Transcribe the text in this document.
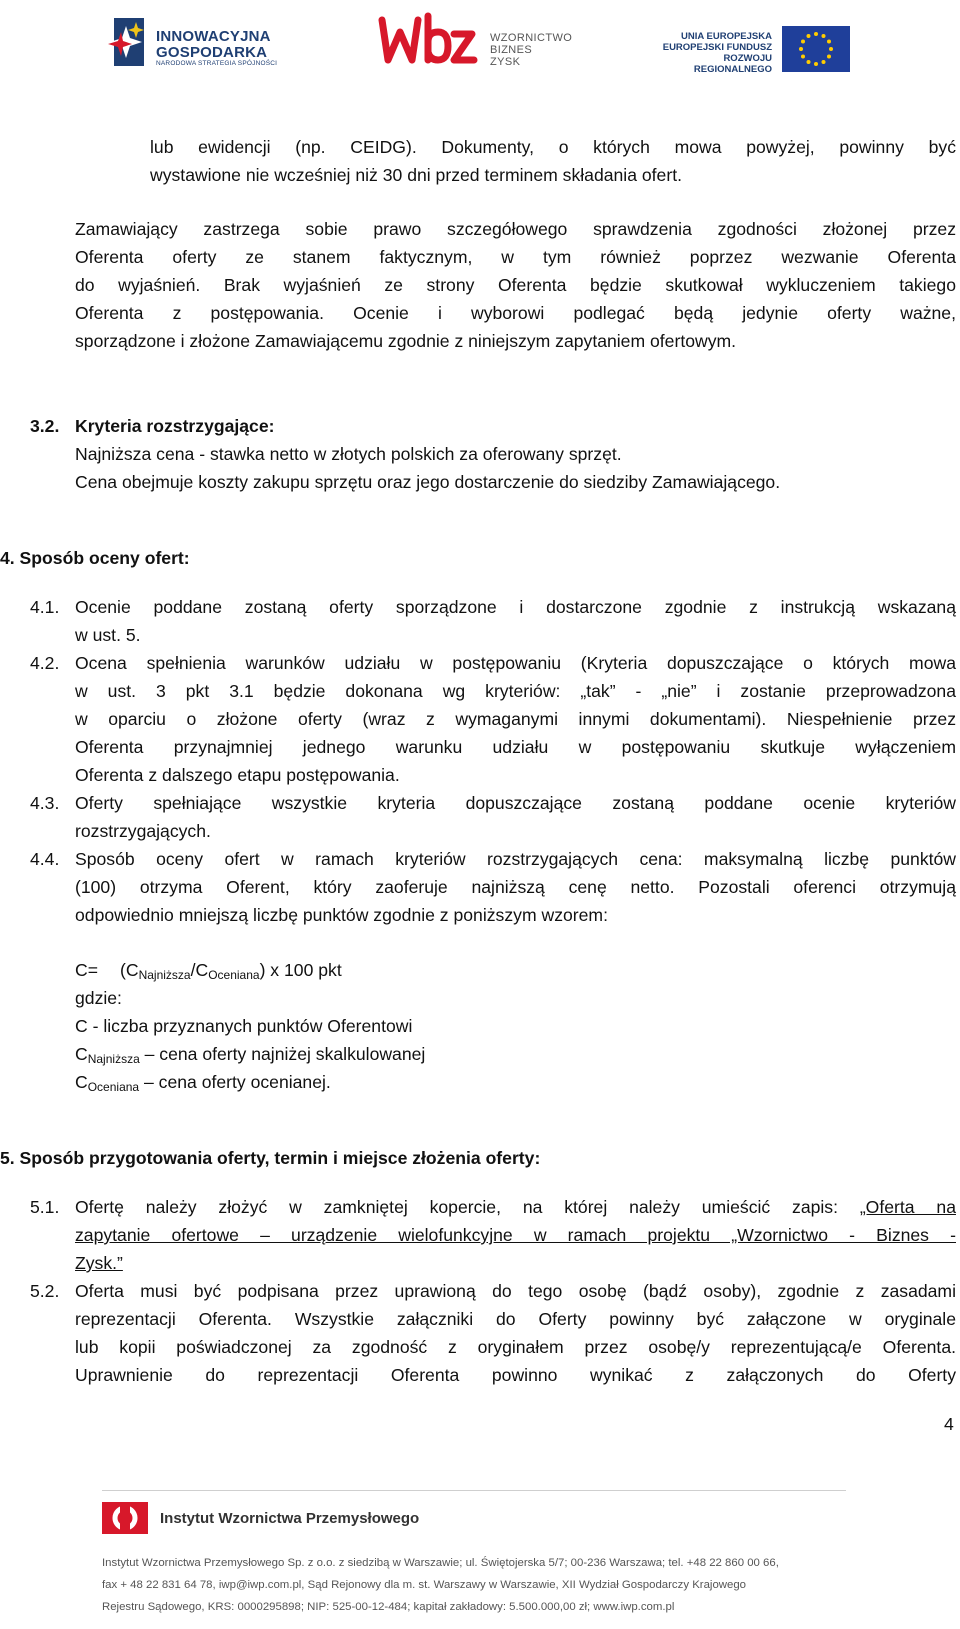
INNOWACYJNA
GOSPODARKA
NARODOWA STRATEGIA SPÓJNOŚCI
WZORNICTWO
BIZNES
ZYSK
UNIA EUROPEJSKA
EUROPEJSKI FUNDUSZ
ROZWOJU REGIONALNEGO
lub ewidencji (np. CEIDG). Dokumenty, o których mowa powyżej, powinny być
wystawione nie wcześniej niż 30 dni przed terminem składania ofert.
Zamawiający zastrzega sobie prawo szczegółowego sprawdzenia zgodności złożonej przez
Oferenta oferty ze stanem faktycznym, w tym również poprzez wezwanie Oferenta
do wyjaśnień. Brak wyjaśnień ze strony Oferenta będzie skutkował wykluczeniem takiego
Oferenta z postępowania. Ocenie i wyborowi podlegać będą jedynie oferty ważne,
sporządzone i złożone Zamawiającemu zgodnie z niniejszym zapytaniem ofertowym.
3.2. Kryteria rozstrzygające:
Najniższa cena - stawka netto w złotych polskich za oferowany sprzęt.
Cena obejmuje koszty zakupu sprzętu oraz jego dostarczenie do siedziby Zamawiającego.
4. Sposób oceny ofert:
4.1. Ocenie poddane zostaną oferty sporządzone i dostarczone zgodnie z instrukcją wskazaną
w ust. 5.
4.2. Ocena spełnienia warunków udziału w postępowaniu (Kryteria dopuszczające o których mowa
w ust. 3 pkt 3.1 będzie dokonana wg kryteriów: „tak” - „nie” i zostanie przeprowadzona
w oparciu o złożone oferty (wraz z wymaganymi innymi dokumentami). Niespełnienie przez
Oferenta przynajmniej jednego warunku udziału w postępowaniu skutkuje wyłączeniem
Oferenta z dalszego etapu postępowania.
4.3. Oferty spełniające wszystkie kryteria dopuszczające zostaną poddane ocenie kryteriów
rozstrzygających.
4.4. Sposób oceny ofert w ramach kryteriów rozstrzygających cena: maksymalną liczbę punktów
(100) otrzyma Oferent, który zaoferuje najniższą cenę netto. Pozostali oferenci otrzymują
odpowiednio mniejszą liczbę punktów zgodnie z poniższym wzorem:
$C= (C_{Najniższa}/C_{Oceniana})$ x 100 pkt
gdzie:
C - liczba przyznanych punktów Oferentowi
$C_{Najniższa}$ – cena oferty najniżej skalkulowanej
$C_{Oceniana}$ – cena oferty ocenianej.
5. Sposób przygotowania oferty, termin i miejsce złożenia oferty:
5.1. Ofertę należy złożyć w zamkniętej kopercie, na której należy umieścić zapis: „Oferta na
zapytanie ofertowe – urządzenie wielofunkcyjne w ramach projektu „Wzornictwo - Biznes -
Zysk.”
5.2. Oferta musi być podpisana przez uprawioną do tego osobę (bądź osoby), zgodnie z zasadami
reprezentacji Oferenta. Wszystkie załączniki do Oferty powinny być załączone w oryginale
lub kopii poświadczonej za zgodność z oryginałem przez osobę/y reprezentującą/e Oferenta.
Uprawnienie do reprezentacji Oferenta powinno wynikać z załączonych do Oferty
4
Instytut Wzornictwa Przemysłowego
Instytut Wzornictwa Przemysłowego Sp. z o.o. z siedzibą w Warszawie; ul. Świętojerska 5/7; 00-236 Warszawa; tel. +48 22 860 00 66,
fax + 48 22 831 64 78, iwp@iwp.com.pl, Sąd Rejonowy dla m. st. Warszawy w Warszawie, XII Wydział Gospodarczy Krajowego
Rejestru Sądowego, KRS: 0000295898; NIP: 525-00-12-484; kapitał zakładowy: 5.500.000,00 zł; www.iwp.com.pl
